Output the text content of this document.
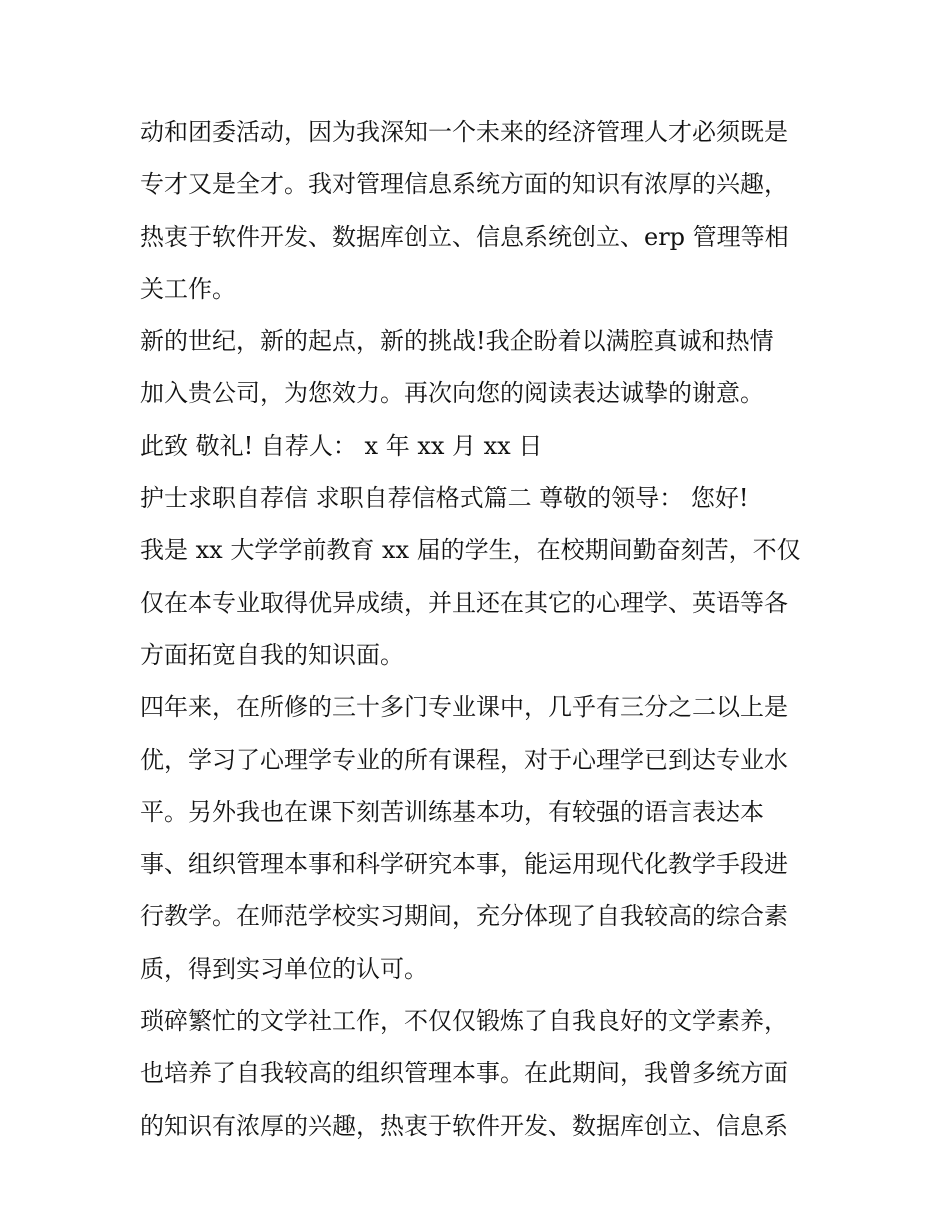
动和团委活动，因为我深知一个未来的经济管理人才必须既是
专才又是全才。我对管理信息系统方面的知识有浓厚的兴趣，
热衷于软件开发、数据库创立、信息系统创立、erp 管理等相
关工作。
新的世纪，新的起点，新的挑战!我企盼着以满腔真诚和热情
加入贵公司，为您效力。再次向您的阅读表达诚挚的谢意。
此致 敬礼! 自荐人： x 年 xx 月 xx 日
护士求职自荐信 求职自荐信格式篇二 尊敬的领导： 您好!
我是 xx 大学学前教育 xx 届的学生，在校期间勤奋刻苦，不仅
仅在本专业取得优异成绩，并且还在其它的心理学、英语等各
方面拓宽自我的知识面。
四年来，在所修的三十多门专业课中，几乎有三分之二以上是
优，学习了心理学专业的所有课程，对于心理学已到达专业水
平。另外我也在课下刻苦训练基本功，有较强的语言表达本
事、组织管理本事和科学研究本事，能运用现代化教学手段进
行教学。在师范学校实习期间，充分体现了自我较高的综合素
质，得到实习单位的认可。
琐碎繁忙的文学社工作，不仅仅锻炼了自我良好的文学素养，
也培养了自我较高的组织管理本事。在此期间，我曾多统方面
的知识有浓厚的兴趣，热衷于软件开发、数据库创立、信息系
